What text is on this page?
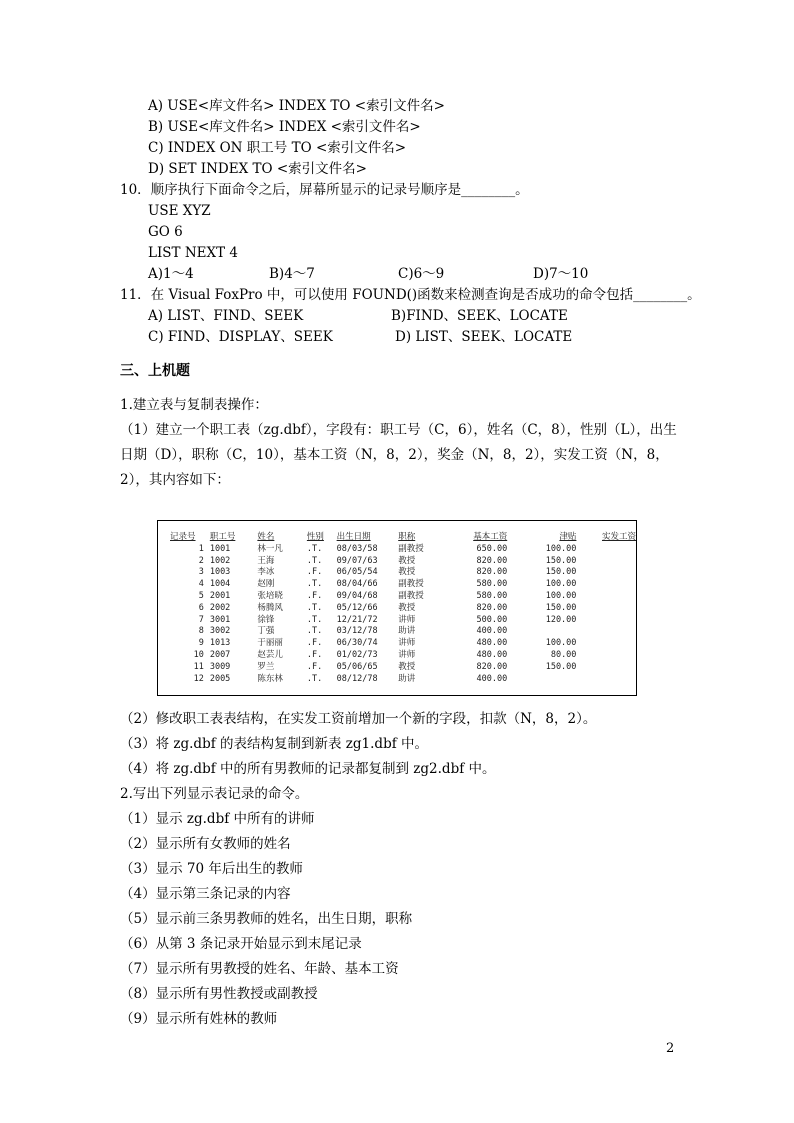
A) USE<库文件名> INDEX TO <索引文件名>
B) USE<库文件名> INDEX <索引文件名>
C) INDEX ON 职工号 TO <索引文件名>
D) SET INDEX TO <索引文件名>
10．顺序执行下面命令之后，屏幕所显示的记录号顺序是________。
USE XYZ
GO 6
LIST NEXT 4
A)1～4	B)4～7	C)6～9	D)7～10
11．在 Visual FoxPro 中，可以使用 FOUND()函数来检测查询是否成功的命令包括________。
A) LIST、FIND、SEEK	B)FIND、SEEK、LOCATE
C) FIND、DISPLAY、SEEK	D) LIST、SEEK、LOCATE
三、上机题
1.建立表与复制表操作：
（1）建立一个职工表（zg.dbf），字段有：职工号（C，6），姓名（C，8），性别（L），出生
日期（D），职称（C，10），基本工资（N，8，2），奖金（N，8，2），实发工资（N，8，
2），其内容如下：
记录号	职工号	姓名	性别	出生日期	职称	基本工资	津贴	实发工资
1	1001	林一凡	.T.	08/03/58	副教授	650.00	100.00	
2	1002	王海	.T.	09/07/63	教授	820.00	150.00	
3	1003	李冰	.F.	06/05/54	教授	820.00	150.00	
4	1004	赵刚	.T.	08/04/66	副教授	580.00	100.00	
5	2001	张培晓	.F.	09/04/68	副教授	580.00	100.00	
6	2002	杨腾风	.T.	05/12/66	教授	820.00	150.00	
7	3001	徐锋	.T.	12/21/72	讲师	500.00	120.00	
8	3002	丁强	.T.	03/12/78	助讲	400.00		
9	1013	于丽丽	.F.	06/30/74	讲师	480.00	100.00	
10	2007	赵芸儿	.F.	01/02/73	讲师	480.00	80.00	
11	3009	罗兰	.F.	05/06/65	教授	820.00	150.00	
12	2005	陈东林	.T.	08/12/78	助讲	400.00		
（2）修改职工表表结构，在实发工资前增加一个新的字段，扣款（N，8，2）。
（3）将 zg.dbf 的表结构复制到新表 zg1.dbf 中。
（4）将 zg.dbf 中的所有男教师的记录都复制到 zg2.dbf 中。
2.写出下列显示表记录的命令。
（1）显示 zg.dbf 中所有的讲师
（2）显示所有女教师的姓名
（3）显示 70 年后出生的教师
（4）显示第三条记录的内容
（5）显示前三条男教师的姓名，出生日期，职称
（6）从第 3 条记录开始显示到末尾记录
（7）显示所有男教授的姓名、年龄、基本工资
（8）显示所有男性教授或副教授
（9）显示所有姓林的教师
2
